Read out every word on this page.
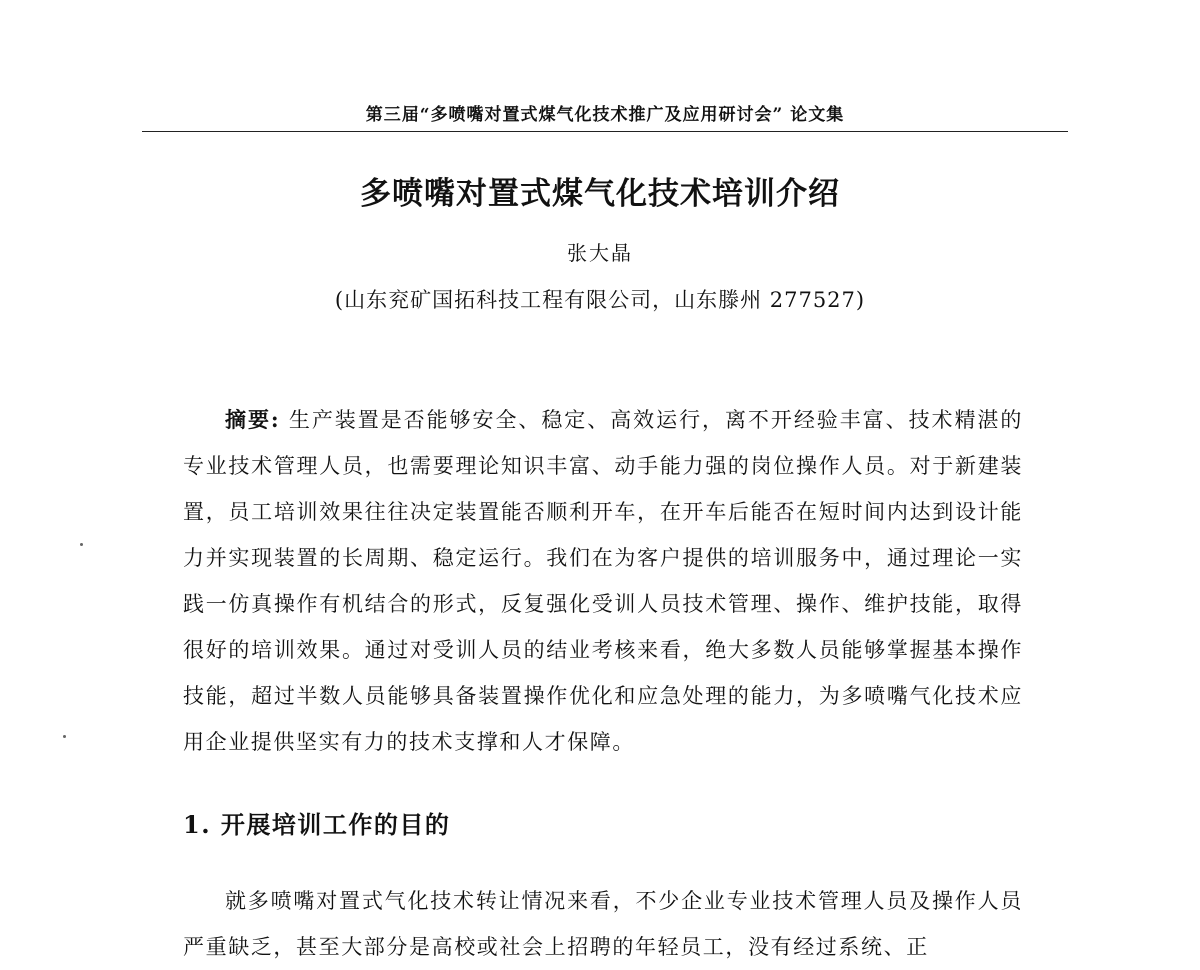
第三届“多喷嘴对置式煤气化技术推广及应用研讨会” 论文集
多喷嘴对置式煤气化技术培训介绍
张大晶
(山东兖矿国拓科技工程有限公司，山东滕州 277527)

摘要: 生产装置是否能够安全、稳定、高效运行，离不开经验丰富、技术精湛的专业技术管理人员，也需要理论知识丰富、动手能力强的岗位操作人员。对于新建装置，员工培训效果往往决定装置能否顺利开车，在开车后能否在短时间内达到设计能力并实现装置的长周期、稳定运行。我们在为客户提供的培训服务中，通过理论一实践一仿真操作有机结合的形式，反复强化受训人员技术管理、操作、维护技能，取得很好的培训效果。通过对受训人员的结业考核来看，绝大多数人员能够掌握基本操作技能，超过半数人员能够具备装置操作优化和应急处理的能力，为多喷嘴气化技术应用企业提供坚实有力的技术支撑和人才保障。

1. 开展培训工作的目的

就多喷嘴对置式气化技术转让情况来看，不少企业专业技术管理人员及操作人员严重缺乏，甚至大部分是高校或社会上招聘的年轻员工，没有经过系统、正
